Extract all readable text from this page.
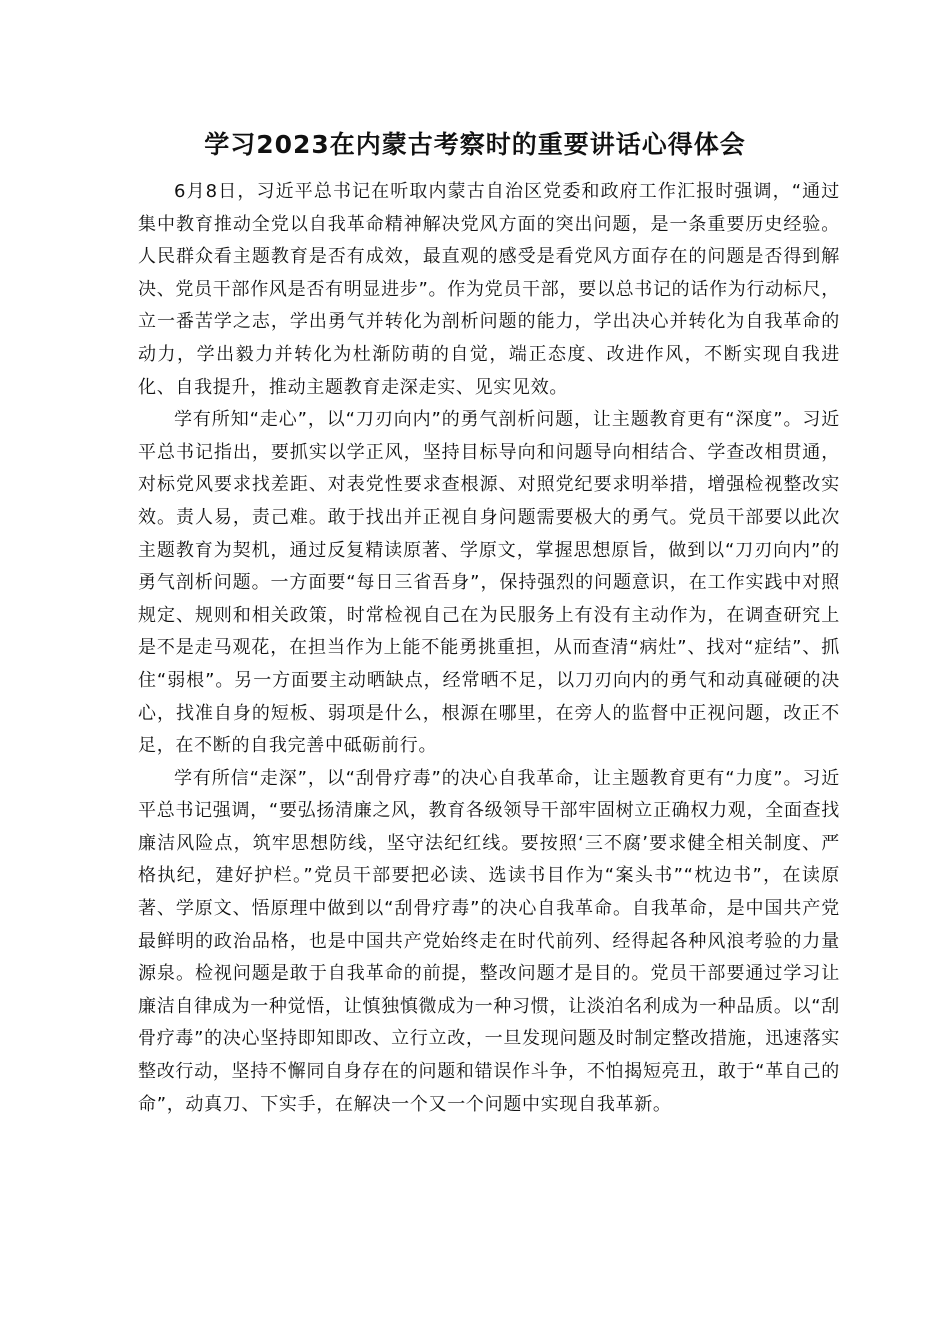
学习2023在内蒙古考察时的重要讲话心得体会

6月8日，习近平总书记在听取内蒙古自治区党委和政府工作汇报时强调，“通过集中教育推动全党以自我革命精神解决党风方面的突出问题，是一条重要历史经验。人民群众看主题教育是否有成效，最直观的感受是看党风方面存在的问题是否得到解决、党员干部作风是否有明显进步”。作为党员干部，要以总书记的话作为行动标尺，立一番苦学之志，学出勇气并转化为剖析问题的能力，学出决心并转化为自我革命的动力，学出毅力并转化为杜渐防萌的自觉，端正态度、改进作风，不断实现自我进化、自我提升，推动主题教育走深走实、见实见效。

学有所知“走心”，以“刀刃向内”的勇气剖析问题，让主题教育更有“深度”。习近平总书记指出，要抓实以学正风，坚持目标导向和问题导向相结合、学查改相贯通，对标党风要求找差距、对表党性要求查根源、对照党纪要求明举措，增强检视整改实效。责人易，责己难。敢于找出并正视自身问题需要极大的勇气。党员干部要以此次主题教育为契机，通过反复精读原著、学原文，掌握思想原旨，做到以“刀刃向内”的勇气剖析问题。一方面要“每日三省吾身”，保持强烈的问题意识，在工作实践中对照规定、规则和相关政策，时常检视自己在为民服务上有没有主动作为，在调查研究上是不是走马观花，在担当作为上能不能勇挑重担，从而查清“病灶”、找对“症结”、抓住“弱根”。另一方面要主动晒缺点，经常晒不足，以刀刃向内的勇气和动真碰硬的决心，找准自身的短板、弱项是什么，根源在哪里，在旁人的监督中正视问题，改正不足，在不断的自我完善中砥砺前行。

学有所信“走深”，以“刮骨疗毒”的决心自我革命，让主题教育更有“力度”。习近平总书记强调，“要弘扬清廉之风，教育各级领导干部牢固树立正确权力观，全面查找廉洁风险点，筑牢思想防线，坚守法纪红线。要按照‘三不腐’要求健全相关制度、严格执纪，建好护栏。”党员干部要把必读、选读书目作为“案头书”“枕边书”，在读原著、学原文、悟原理中做到以“刮骨疗毒”的决心自我革命。自我革命，是中国共产党最鲜明的政治品格，也是中国共产党始终走在时代前列、经得起各种风浪考验的力量源泉。检视问题是敢于自我革命的前提，整改问题才是目的。党员干部要通过学习让廉洁自律成为一种觉悟，让慎独慎微成为一种习惯，让淡泊名利成为一种品质。以“刮骨疗毒”的决心坚持即知即改、立行立改，一旦发现问题及时制定整改措施，迅速落实整改行动，坚持不懈同自身存在的问题和错误作斗争，不怕揭短亮丑，敢于“革自己的命”，动真刀、下实手，在解决一个又一个问题中实现自我革新。
